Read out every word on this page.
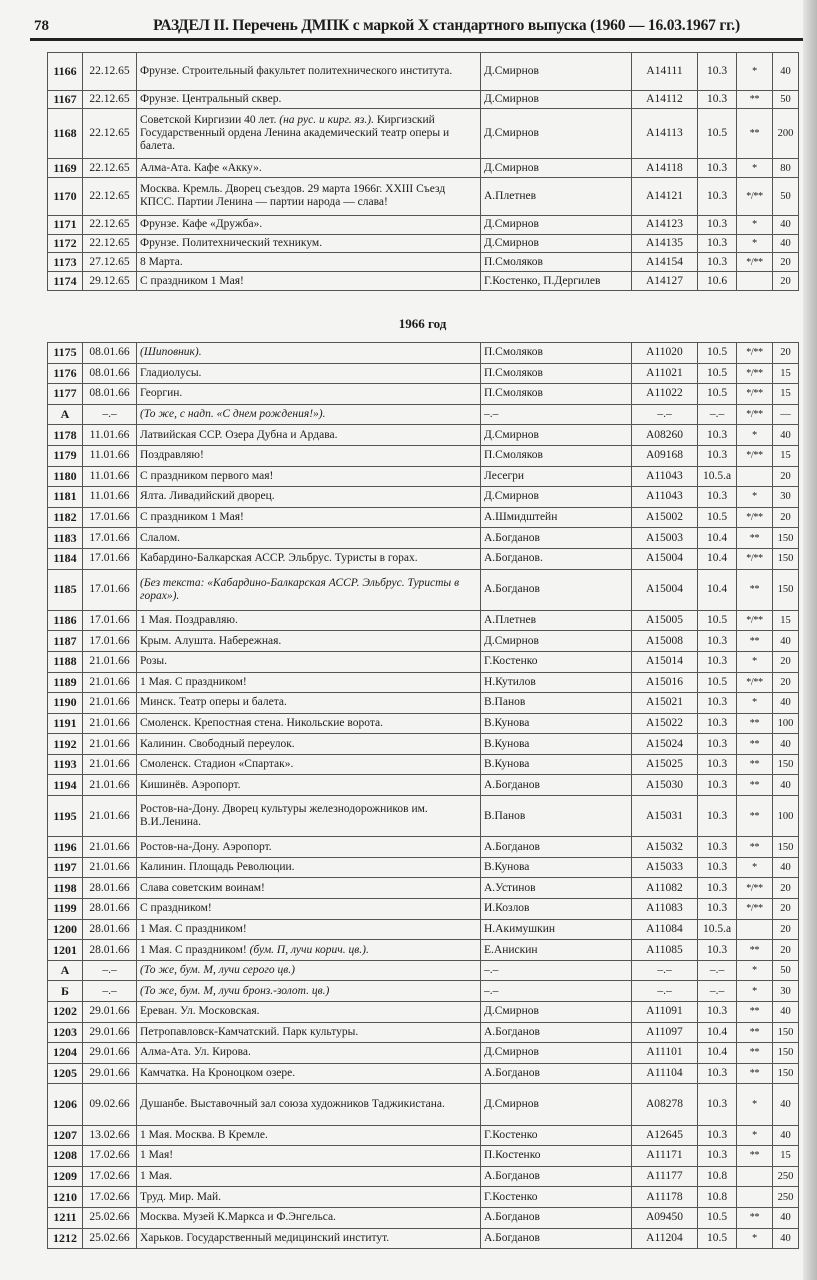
78	РАЗДЕЛ II. Перечень ДМПК с маркой X стандартного выпуска (1960 — 16.03.1967 гг.)
1166	22.12.65	Фрунзе. Строительный факультет политехнического института.	Д.Смирнов	А14111	10.3	*	40
1167	22.12.65	Фрунзе. Центральный сквер.	Д.Смирнов	А14112	10.3	**	50
1168	22.12.65	Советской Киргизии 40 лет. (на рус. и кирг. яз.). Киргизский Государственный ордена Ленина академический театр оперы и балета.	Д.Смирнов	А14113	10.5	**	200
1169	22.12.65	Алма-Ата. Кафе «Акку».	Д.Смирнов	А14118	10.3	*	80
1170	22.12.65	Москва. Кремль. Дворец съездов. 29 марта 1966г. XXIII Съезд КПСС. Партии Ленина — партии народа — слава!	А.Плетнев	А14121	10.3	*/**	50
1171	22.12.65	Фрунзе. Кафе «Дружба».	Д.Смирнов	А14123	10.3	*	40
1172	22.12.65	Фрунзе. Политехнический техникум.	Д.Смирнов	А14135	10.3	*	40
1173	27.12.65	8 Марта.	П.Смоляков	А14154	10.3	*/**	20
1174	29.12.65	С праздником 1 Мая!	Г.Костенко, П.Дергилев	А14127	10.6		20
1966 год
1175	08.01.66	(Шиповник).	П.Смоляков	А11020	10.5	*/**	20
1176	08.01.66	Гладиолусы.	П.Смоляков	А11021	10.5	*/**	15
1177	08.01.66	Георгин.	П.Смоляков	А11022	10.5	*/**	15
А	–.–	(То же, с надп. «С днем рождения!»).	–.–	–.–	–.–	*/**	—
1178	11.01.66	Латвийская ССР. Озера Дубна и Ардава.	Д.Смирнов	А08260	10.3	*	40
1179	11.01.66	Поздравляю!	П.Смоляков	А09168	10.3	*/**	15
1180	11.01.66	С праздником первого мая!	Лесегри	А11043	10.5.а		20
1181	11.01.66	Ялта. Ливадийский дворец.	Д.Смирнов	А11043	10.3	*	30
1182	17.01.66	С праздником 1 Мая!	А.Шмидштейн	А15002	10.5	*/**	20
1183	17.01.66	Слалом.	А.Богданов	А15003	10.4	**	150
1184	17.01.66	Кабардино-Балкарская АССР. Эльбрус. Туристы в горах.	А.Богданов.	А15004	10.4	*/**	150
1185	17.01.66	(Без текста: «Кабардино-Балкарская АССР. Эльбрус. Туристы в горах»).	А.Богданов	А15004	10.4	**	150
1186	17.01.66	1 Мая. Поздравляю.	А.Плетнев	А15005	10.5	*/**	15
1187	17.01.66	Крым. Алушта. Набережная.	Д.Смирнов	А15008	10.3	**	40
1188	21.01.66	Розы.	Г.Костенко	А15014	10.3	*	20
1189	21.01.66	1 Мая. С праздником!	Н.Кутилов	А15016	10.5	*/**	20
1190	21.01.66	Минск. Театр оперы и балета.	В.Панов	А15021	10.3	*	40
1191	21.01.66	Смоленск. Крепостная стена. Никольские ворота.	В.Кунова	А15022	10.3	**	100
1192	21.01.66	Калинин. Свободный переулок.	В.Кунова	А15024	10.3	**	40
1193	21.01.66	Смоленск. Стадион «Спартак».	В.Кунова	А15025	10.3	**	150
1194	21.01.66	Кишинёв. Аэропорт.	А.Богданов	А15030	10.3	**	40
1195	21.01.66	Ростов-на-Дону. Дворец культуры железнодорожников им. В.И.Ленина.	В.Панов	А15031	10.3	**	100
1196	21.01.66	Ростов-на-Дону. Аэропорт.	А.Богданов	А15032	10.3	**	150
1197	21.01.66	Калинин. Площадь Революции.	В.Кунова	А15033	10.3	*	40
1198	28.01.66	Слава советским воинам!	А.Устинов	А11082	10.3	*/**	20
1199	28.01.66	С праздником!	И.Козлов	А11083	10.3	*/**	20
1200	28.01.66	1 Мая. С праздником!	Н.Акимушкин	А11084	10.5.а		20
1201	28.01.66	1 Мая. С праздником! (бум. П, лучи корич. цв.).	Е.Анискин	А11085	10.3	**	20
А	–.–	(То же, бум. М, лучи серого цв.)	–.–	–.–	–.–	*	50
Б	–.–	(То же, бум. М, лучи бронз.-золот. цв.)	–.–	–.–	–.–	*	30
1202	29.01.66	Ереван. Ул. Московская.	Д.Смирнов	А11091	10.3	**	40
1203	29.01.66	Петропавловск-Камчатский. Парк культуры.	А.Богданов	А11097	10.4	**	150
1204	29.01.66	Алма-Ата. Ул. Кирова.	Д.Смирнов	А11101	10.4	**	150
1205	29.01.66	Камчатка. На Кроноцком озере.	А.Богданов	А11104	10.3	**	150
1206	09.02.66	Душанбе. Выставочный зал союза художников Таджикистана.	Д.Смирнов	А08278	10.3	*	40
1207	13.02.66	1 Мая. Москва. В Кремле.	Г.Костенко	А12645	10.3	*	40
1208	17.02.66	1 Мая!	П.Костенко	А11171	10.3	**	15
1209	17.02.66	1 Мая.	А.Богданов	А11177	10.8		250
1210	17.02.66	Труд. Мир. Май.	Г.Костенко	А11178	10.8		250
1211	25.02.66	Москва. Музей К.Маркса и Ф.Энгельса.	А.Богданов	А09450	10.5	**	40
1212	25.02.66	Харьков. Государственный медицинский институт.	А.Богданов	А11204	10.5	*	40
